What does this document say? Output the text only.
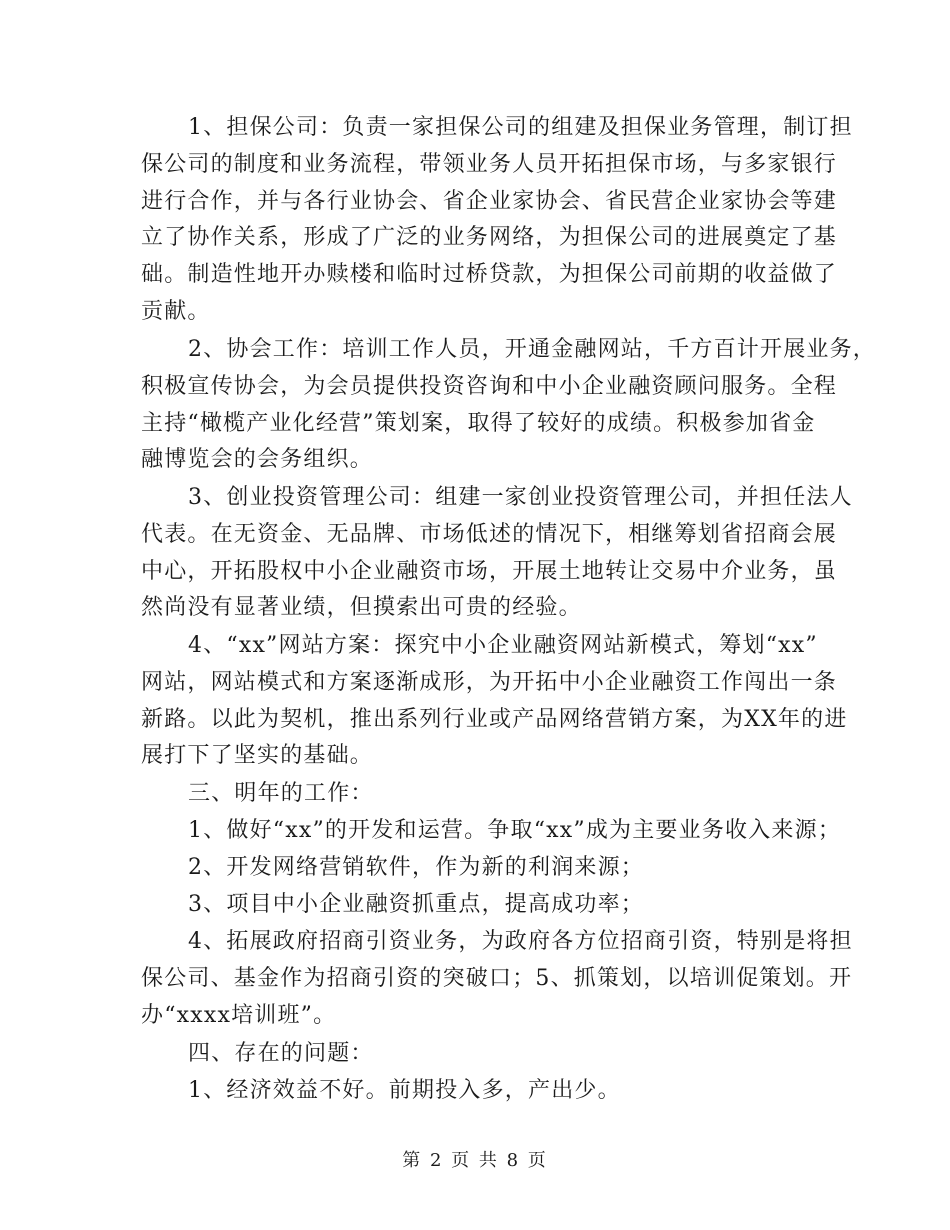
1、担保公司：负责一家担保公司的组建及担保业务管理，制订担
保公司的制度和业务流程，带领业务人员开拓担保市场，与多家银行
进行合作，并与各行业协会、省企业家协会、省民营企业家协会等建
立了协作关系，形成了广泛的业务网络，为担保公司的进展奠定了基
础。制造性地开办赎楼和临时过桥贷款，为担保公司前期的收益做了
贡献。
2、协会工作：培训工作人员，开通金融网站，千方百计开展业务，
积极宣传协会，为会员提供投资咨询和中小企业融资顾问服务。全程
主持“橄榄产业化经营”策划案，取得了较好的成绩。积极参加省金
融博览会的会务组织。
3、创业投资管理公司：组建一家创业投资管理公司，并担任法人
代表。在无资金、无品牌、市场低述的情况下，相继筹划省招商会展
中心，开拓股权中小企业融资市场，开展土地转让交易中介业务，虽
然尚没有显著业绩，但摸索出可贵的经验。
4、“xx”网站方案：探究中小企业融资网站新模式，筹划“xx”
网站，网站模式和方案逐渐成形，为开拓中小企业融资工作闯出一条
新路。以此为契机，推出系列行业或产品网络营销方案，为XX年的进
展打下了坚实的基础。
三、明年的工作：
1、做好“xx”的开发和运营。争取“xx”成为主要业务收入来源；
2、开发网络营销软件，作为新的利润来源；
3、项目中小企业融资抓重点，提高成功率；
4、拓展政府招商引资业务，为政府各方位招商引资，特别是将担
保公司、基金作为招商引资的突破口；5、抓策划，以培训促策划。开
办“xxxx培训班”。
四、存在的问题：
1、经济效益不好。前期投入多，产出少。
第 2 页 共 8 页
